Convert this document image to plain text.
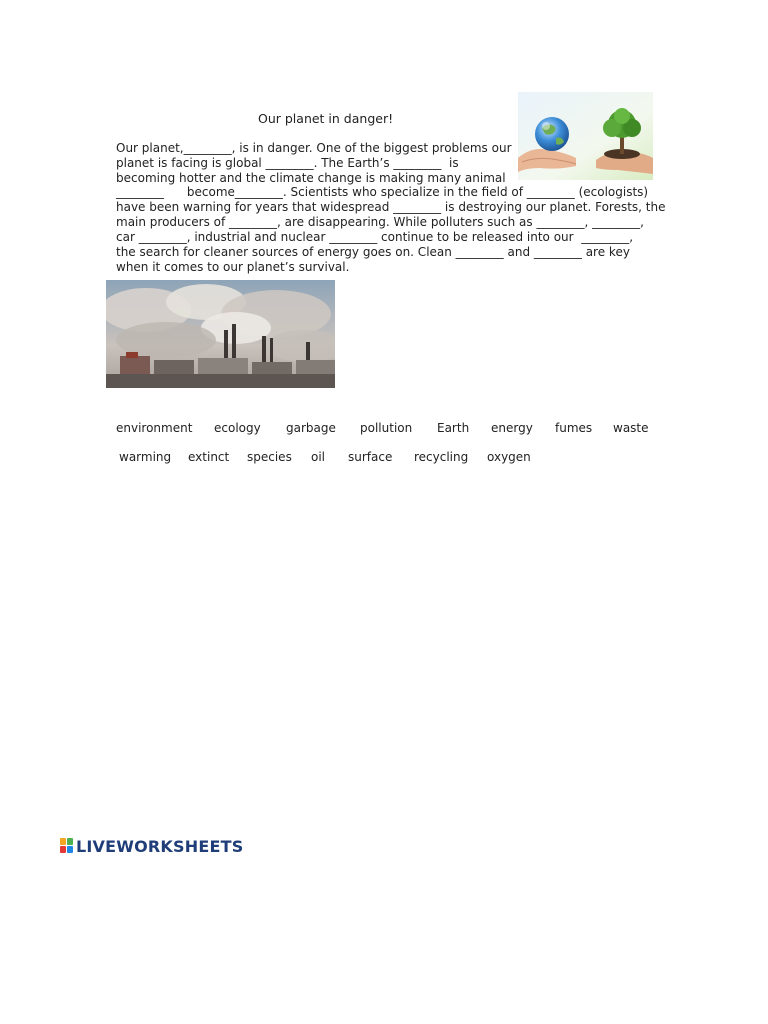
Our planet in danger!
Our planet,________, is in danger. One of the biggest problems our
planet is facing is global ________. The Earth’s ________  is
becoming hotter and the climate change is making many animal
________      become________. Scientists who specialize in the field of ________ (ecologists)
have been warning for years that widespread ________ is destroying our planet. Forests, the
main producers of ________, are disappearing. While polluters such as ________, ________,
car ________, industrial and nuclear ________ continue to be released into our  ________,
the search for cleaner sources of energy goes on. Clean ________ and ________ are key
when it comes to our planet’s survival.
environment ecology garbage pollution Earth energy fumes waste
warming extinct species oil surface recycling oxygen
LIVEWORKSHEETS
